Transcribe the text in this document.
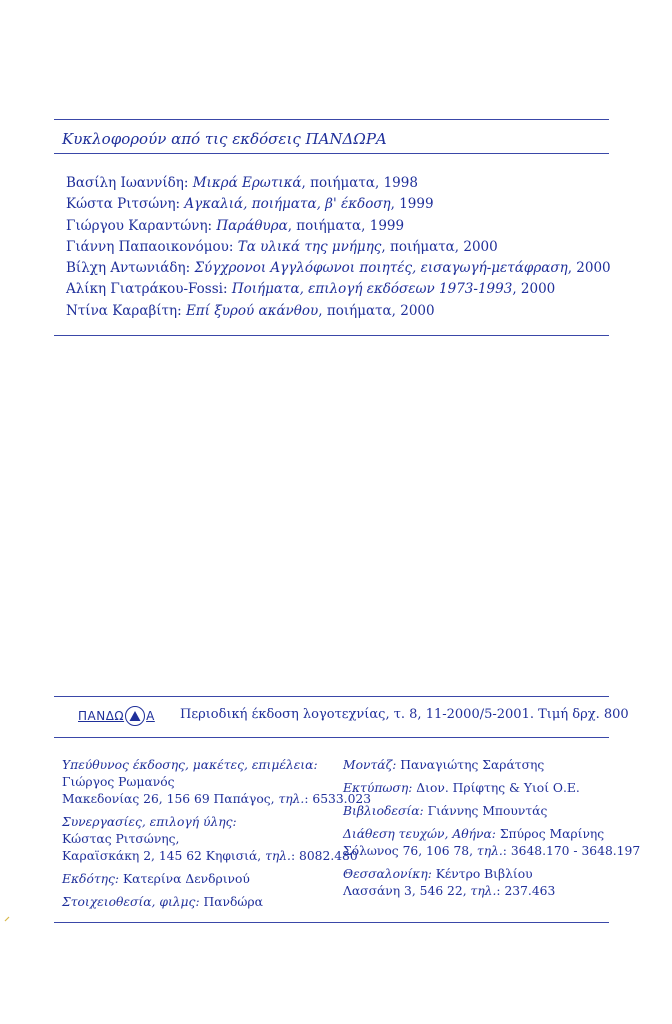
Κυκλοφορούν από τις εκδόσεις ΠΑΝΔΩΡΑ
Βασίλη Ιωαννίδη: Μικρά Ερωτικά, ποιήματα, 1998
Κώστα Ριτσώνη: Αγκαλιά, ποιήματα, β' έκδοση, 1999
Γιώργου Καραντώνη: Παράθυρα, ποιήματα, 1999
Γιάννη Παπαοικονόμου: Τα υλικά της μνήμης, ποιήματα, 2000
Βίλχη Αντωνιάδη: Σύγχρονοι Αγγλόφωνοι ποιητές, εισαγωγή-μετάφραση, 2000
Αλίκη Γιατράκου-Fossi: Ποιήματα, επιλογή εκδόσεων 1973-1993, 2000
Ντίνα Καραβίτη: Επί ξυρού ακάνθου, ποιήματα, 2000
ΠΑΝΔΩ Α Περιοδική έκδοση λογοτεχνίας, τ. 8, 11-2000/5-2001. Τιμή δρχ. 800
Υπεύθυνος έκδοσης, μακέτες, επιμέλεια:
Γιώργος Ρωμανός
Μακεδονίας 26, 156 69 Παπάγος, τηλ.: 6533.023
Συνεργασίες, επιλογή ύλης:
Κώστας Ριτσώνης,
Καραϊσκάκη 2, 145 62 Κηφισιά, τηλ.: 8082.480
Εκδότης: Κατερίνα Δενδρινού
Στοιχειοθεσία, φιλμς: Πανδώρα
Μοντάζ: Παναγιώτης Σαράτσης
Εκτύπωση: Διον. Πρίφτης & Υιοί Ο.Ε.
Βιβλιοδεσία: Γιάννης Μπουντάς
Διάθεση τευχών, Αθήνα: Σπύρος Μαρίνης
Σόλωνος 76, 106 78, τηλ.: 3648.170 - 3648.197
Θεσσαλονίκη: Κέντρο Βιβλίου
Λασσάνη 3, 546 22, τηλ.: 237.463
